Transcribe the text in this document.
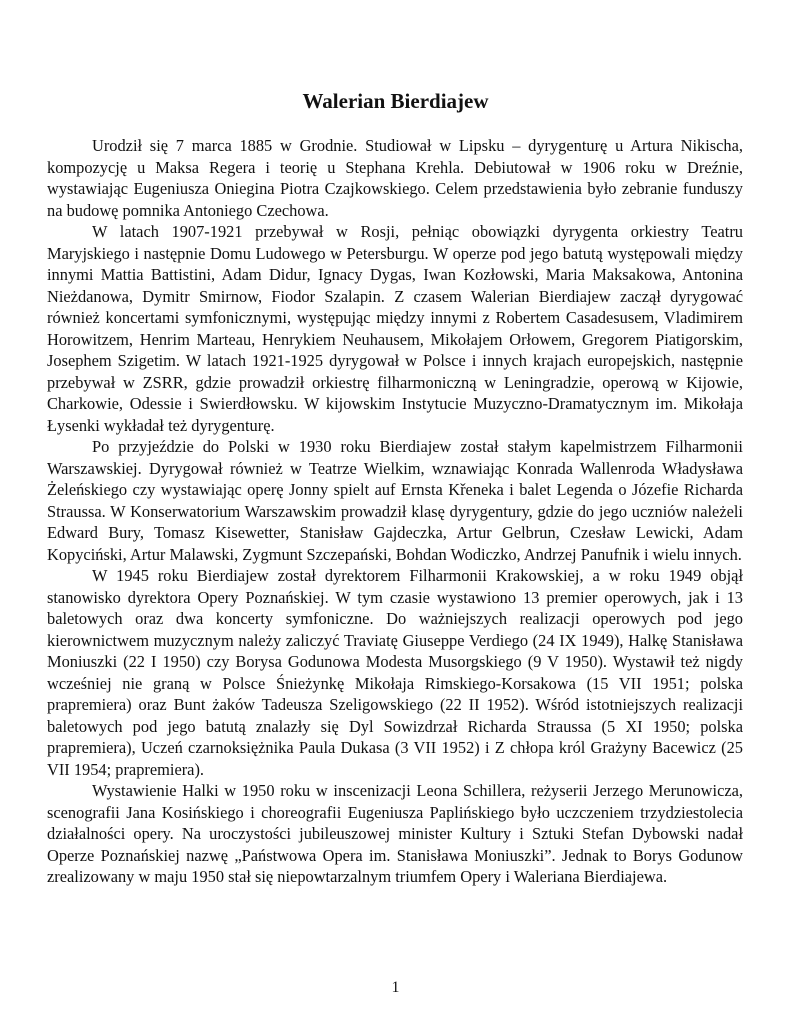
Walerian Bierdiajew

Urodził się 7 marca 1885 w Grodnie. Studiował w Lipsku – dyrygenturę u Artura Nikischa, kompozycję u Maksa Regera i teorię u Stephana Krehla. Debiutował w 1906 roku w Dreźnie, wystawiając Eugeniusza Oniegina Piotra Czajkowskiego. Celem przedstawienia było zebranie funduszy na budowę pomnika Antoniego Czechowa.

W latach 1907-1921 przebywał w Rosji, pełniąc obowiązki dyrygenta orkiestry Teatru Maryjskiego i następnie Domu Ludowego w Petersburgu. W operze pod jego batutą występowali między innymi Mattia Battistini, Adam Didur, Ignacy Dygas, Iwan Kozłowski, Maria Maksakowa, Antonina Nieżdanowa, Dymitr Smirnow, Fiodor Szalapin. Z czasem Walerian Bierdiajew zaczął dyrygować również koncertami symfonicznymi, występując między innymi z Robertem Casadesusem, Vladimirem Horowitzem, Henrim Marteau, Henrykiem Neuhausem, Mikołajem Orłowem, Gregorem Piatigorskim, Josephem Szigetim. W latach 1921-1925 dyrygował w Polsce i innych krajach europejskich, następnie przebywał w ZSRR, gdzie prowadził orkiestrę filharmoniczną w Leningradzie, operową w Kijowie, Charkowie, Odessie i Swierdłowsku. W kijowskim Instytucie Muzyczno-Dramatycznym im. Mikołaja Łysenki wykładał też dyrygenturę.

Po przyjeździe do Polski w 1930 roku Bierdiajew został stałym kapelmistrzem Filharmonii Warszawskiej. Dyrygował również w Teatrze Wielkim, wznawiając Konrada Wallenroda Władysława Żeleńskiego czy wystawiając operę Jonny spielt auf Ernsta Křeneka i balet Legenda o Józefie Richarda Straussa. W Konserwatorium Warszawskim prowadził klasę dyrygentury, gdzie do jego uczniów należeli Edward Bury, Tomasz Kisewetter, Stanisław Gajdeczka, Artur Gelbrun, Czesław Lewicki, Adam Kopyciński, Artur Malawski, Zygmunt Szczepański, Bohdan Wodiczko, Andrzej Panufnik i wielu innych.

W 1945 roku Bierdiajew został dyrektorem Filharmonii Krakowskiej, a w roku 1949 objął stanowisko dyrektora Opery Poznańskiej. W tym czasie wystawiono 13 premier operowych, jak i 13 baletowych oraz dwa koncerty symfoniczne. Do ważniejszych realizacji operowych pod jego kierownictwem muzycznym należy zaliczyć Traviatę Giuseppe Verdiego (24 IX 1949), Halkę Stanisława Moniuszki (22 I 1950) czy Borysa Godunowa Modesta Musorgskiego (9 V 1950). Wystawił też nigdy wcześniej nie graną w Polsce Śnieżynkę Mikołaja Rimskiego-Korsakowa (15 VII 1951; polska prapremiera) oraz Bunt żaków Tadeusza Szeligowskiego (22 II 1952). Wśród istotniejszych realizacji baletowych pod jego batutą znalazły się Dyl Sowizdrzał Richarda Straussa (5 XI 1950; polska prapremiera), Uczeń czarnoksiężnika Paula Dukasa (3 VII 1952) i Z chłopa król Grażyny Bacewicz (25 VII 1954; prapremiera).

Wystawienie Halki w 1950 roku w inscenizacji Leona Schillera, reżyserii Jerzego Merunowicza, scenografii Jana Kosińskiego i choreografii Eugeniusza Paplińskiego było uczczeniem trzydziestolecia działalności opery. Na uroczystości jubileuszowej minister Kultury i Sztuki Stefan Dybowski nadał Operze Poznańskiej nazwę „Państwowa Opera im. Stanisława Moniuszki”. Jednak to Borys Godunow zrealizowany w maju 1950 stał się niepowtarzalnym triumfem Opery i Waleriana Bierdiajewa.

1
